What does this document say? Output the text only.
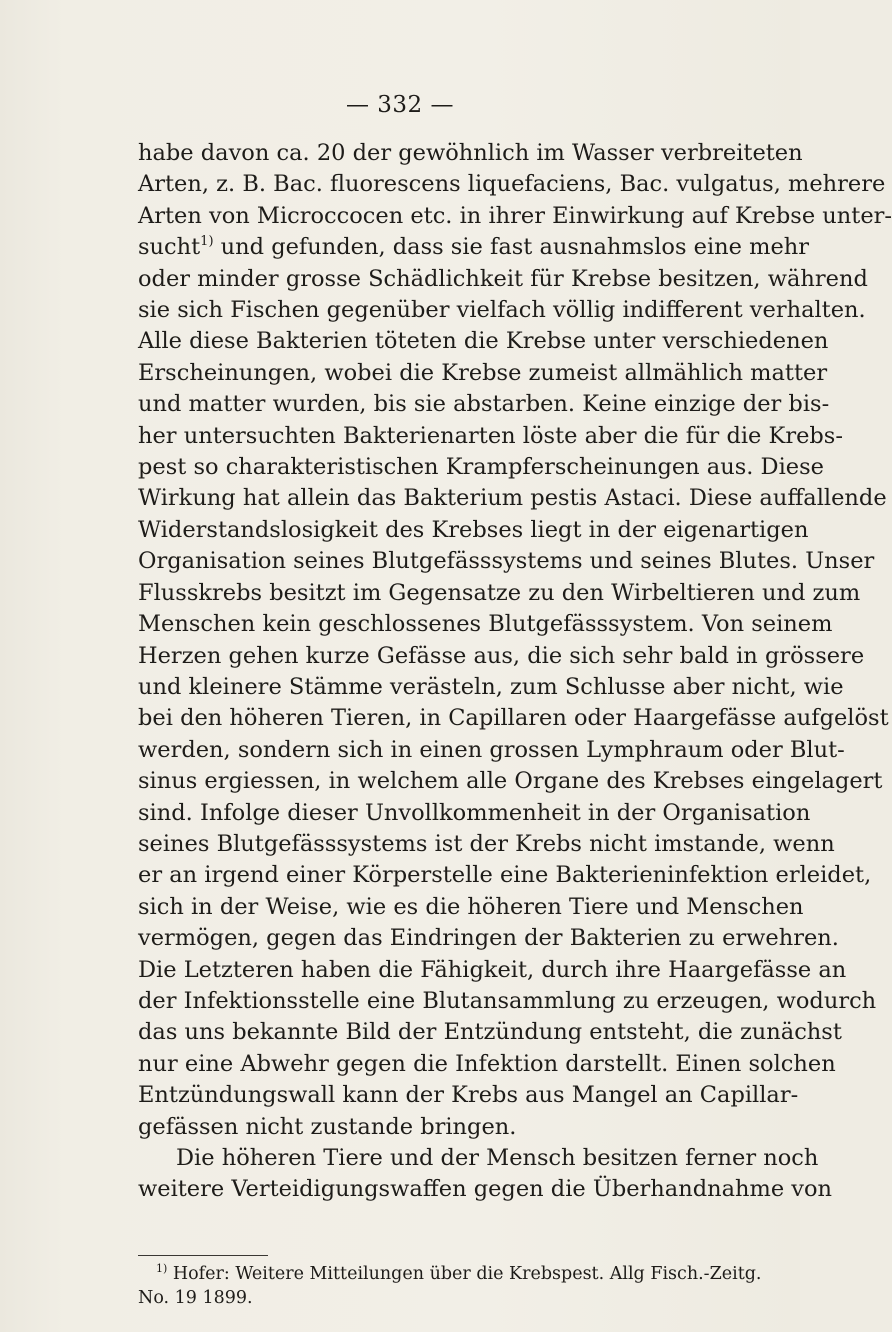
— 332 —
habe davon ca. 20 der gewöhnlich im Wasser verbreiteten
Arten, z. B. Bac. fluorescens liquefaciens, Bac. vulgatus, mehrere
Arten von Microccocen etc. in ihrer Einwirkung auf Krebse unter-
sucht$^{1)}$ und gefunden, dass sie fast ausnahmslos eine mehr
oder minder grosse Schädlichkeit für Krebse besitzen, während
sie sich Fischen gegenüber vielfach völlig indifferent verhalten.
Alle diese Bakterien töteten die Krebse unter verschiedenen
Erscheinungen, wobei die Krebse zumeist allmählich matter
und matter wurden, bis sie abstarben. Keine einzige der bis-
her untersuchten Bakterienarten löste aber die für die Krebs-
pest so charakteristischen Krampferscheinungen aus. Diese
Wirkung hat allein das Bakterium pestis Astaci. Diese auffallende
Widerstandslosigkeit des Krebses liegt in der eigenartigen
Organisation seines Blutgefässsystems und seines Blutes. Unser
Flusskrebs besitzt im Gegensatze zu den Wirbeltieren und zum
Menschen kein geschlossenes Blutgefässsystem. Von seinem
Herzen gehen kurze Gefässe aus, die sich sehr bald in grössere
und kleinere Stämme verästeln, zum Schlusse aber nicht, wie
bei den höheren Tieren, in Capillaren oder Haargefässe aufgelöst
werden, sondern sich in einen grossen Lymphraum oder Blut-
sinus ergiessen, in welchem alle Organe des Krebses eingelagert
sind. Infolge dieser Unvollkommenheit in der Organisation
seines Blutgefässsystems ist der Krebs nicht imstande, wenn
er an irgend einer Körperstelle eine Bakterieninfektion erleidet,
sich in der Weise, wie es die höheren Tiere und Menschen
vermögen, gegen das Eindringen der Bakterien zu erwehren.
Die Letzteren haben die Fähigkeit, durch ihre Haargefässe an
der Infektionsstelle eine Blutansammlung zu erzeugen, wodurch
das uns bekannte Bild der Entzündung entsteht, die zunächst
nur eine Abwehr gegen die Infektion darstellt. Einen solchen
Entzündungswall kann der Krebs aus Mangel an Capillar-
gefässen nicht zustande bringen.
Die höheren Tiere und der Mensch besitzen ferner noch
weitere Verteidigungswaffen gegen die Überhandnahme von
$^{1)}$ Hofer: Weitere Mitteilungen über die Krebspest. Allg Fisch.-Zeitg.
No. 19 1899.
